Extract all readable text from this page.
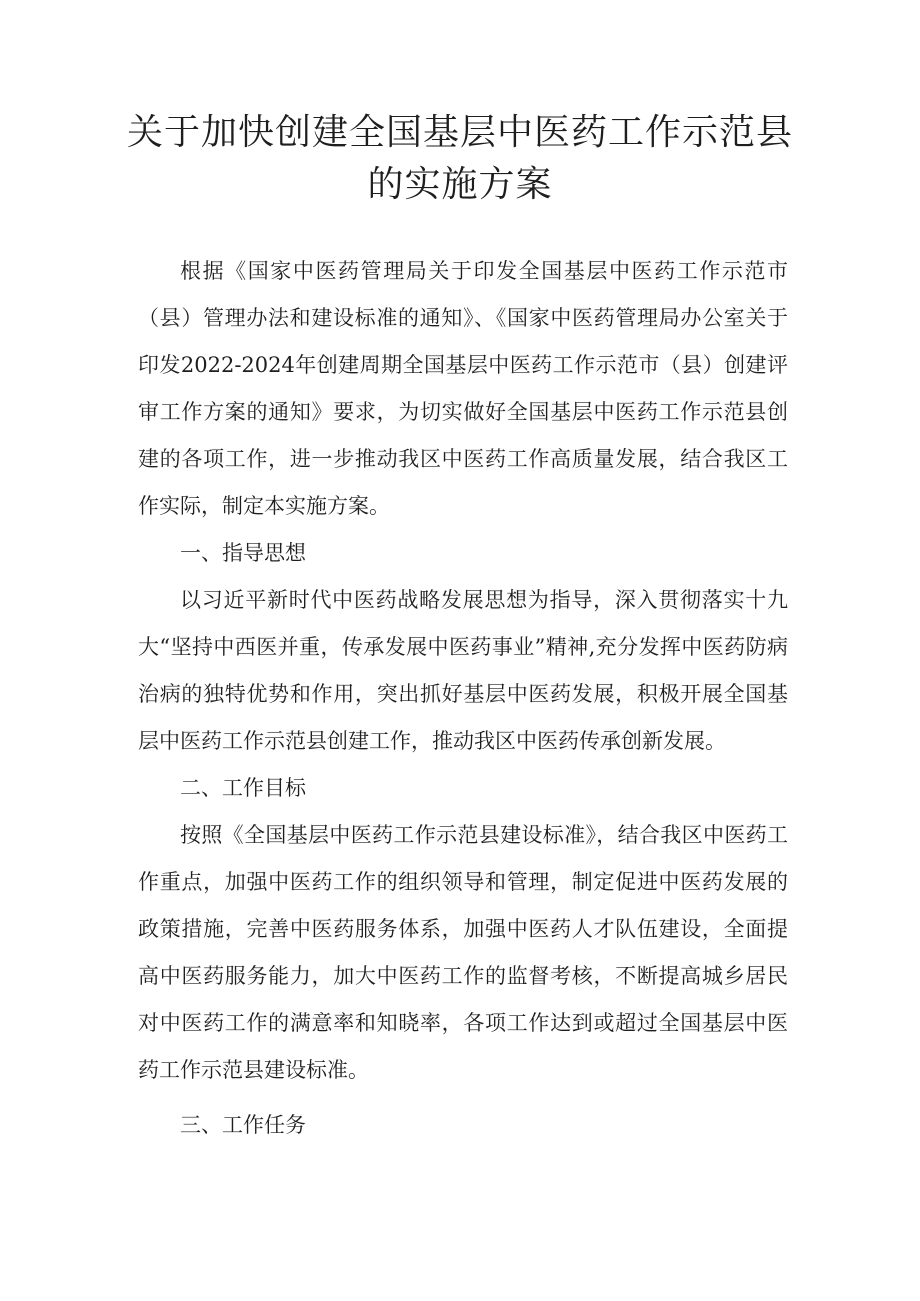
关于加快创建全国基层中医药工作示范县
的实施方案

根据《国家中医药管理局关于印发全国基层中医药工作示范市（县）管理办法和建设标准的通知》、《国家中医药管理局办公室关于印发2022-2024年创建周期全国基层中医药工作示范市（县）创建评审工作方案的通知》要求，为切实做好全国基层中医药工作示范县创建的各项工作，进一步推动我区中医药工作高质量发展，结合我区工作实际，制定本实施方案。

一、指导思想

以习近平新时代中医药战略发展思想为指导，深入贯彻落实十九大“坚持中西医并重，传承发展中医药事业”精神,充分发挥中医药防病治病的独特优势和作用，突出抓好基层中医药发展，积极开展全国基层中医药工作示范县创建工作，推动我区中医药传承创新发展。

二、工作目标

按照《全国基层中医药工作示范县建设标准》，结合我区中医药工作重点，加强中医药工作的组织领导和管理，制定促进中医药发展的政策措施，完善中医药服务体系，加强中医药人才队伍建设，全面提高中医药服务能力，加大中医药工作的监督考核，不断提高城乡居民对中医药工作的满意率和知晓率，各项工作达到或超过全国基层中医药工作示范县建设标准。

三、工作任务
